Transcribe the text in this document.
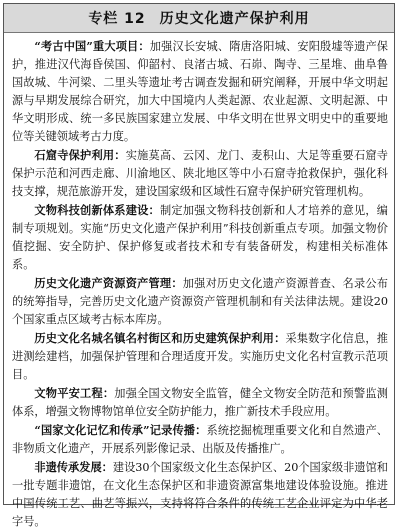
专栏 12 历史文化遗产保护利用

“考古中国”重大项目：加强汉长安城、隋唐洛阳城、安阳殷墟等遗产保护，推进汉代海昏侯国、仰韶村、良渚古城、石峁、陶寺、三星堆、曲阜鲁国故城、牛河梁、二里头等遗址考古调查发掘和研究阐释，开展中华文明起源与早期发展综合研究，加大中国境内人类起源、农业起源、文明起源、中华文明形成、统一多民族国家建立发展、中华文明在世界文明史中的重要地位等关键领域考古力度。

石窟寺保护利用：实施莫高、云冈、龙门、麦积山、大足等重要石窟寺保护示范和河西走廊、川渝地区、陕北地区等中小石窟寺抢救保护，强化科技支撑，规范旅游开发，建设国家级和区域性石窟寺保护研究管理机构。

文物科技创新体系建设：制定加强文物科技创新和人才培养的意见，编制专项规划。实施“历史文化遗产保护利用”科技创新重点专项。加强文物价值挖掘、安全防护、保护修复或者技术和专有装备研发，构建相关标准体系。

历史文化遗产资源资产管理：加强对历史文化遗产资源普查、名录公布的统筹指导，完善历史文化遗产资源资产管理机制和有关法律法规。建设20个国家重点区域考古标本库房。

历史文化名城名镇名村街区和历史建筑保护利用：采集数字化信息，推进测绘建档，加强保护管理和合理适度开发。实施历史文化名村宣教示范项目。

文物平安工程：加强全国文物安全监管，健全文物安全防范和预警监测体系，增强文物博物馆单位安全防护能力，推广新技术手段应用。

“国家文化记忆和传承”记录传播：系统挖掘梳理重要文化和自然遗产、非物质文化遗产，开展系列影像记录、出版及传播推广。

非遗传承发展：建设30个国家级文化生态保护区、20个国家级非遗馆和一批专题非遗馆，在文化生态保护区和非遗资源富集地建设体验设施。推进中国传统工艺、曲艺等振兴，支持将符合条件的传统工艺企业评定为中华老字号。
